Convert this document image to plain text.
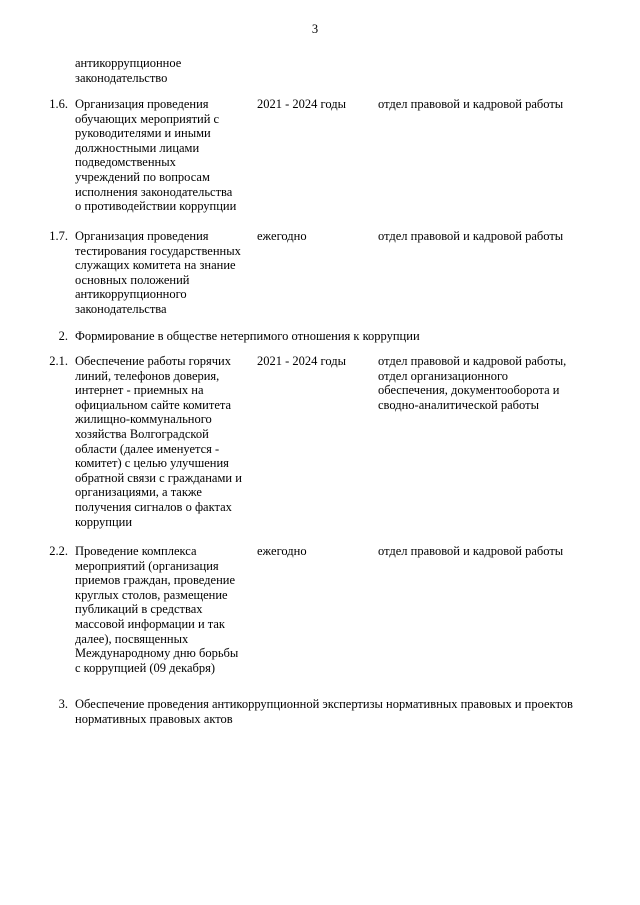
3
антикоррупционное
законодательство
1.6. Организация проведения
обучающих мероприятий с
руководителями и иными
должностными лицами
подведомственных
учреждений по вопросам
исполнения законодательства
о противодействии коррупции
2021 - 2024 годы	отдел правовой и кадровой работы
1.7. Организация проведения
тестирования государственных
служащих комитета на знание
основных положений
антикоррупционного
законодательства
ежегодно	отдел правовой и кадровой работы
2. Формирование в обществе нетерпимого отношения к коррупции
2.1. Обеспечение работы горячих
линий, телефонов доверия,
интернет - приемных на
официальном сайте комитета
жилищно-коммунального
хозяйства Волгоградской
области (далее именуется -
комитет) с целью улучшения
обратной связи с гражданами и
организациями, а также
получения сигналов о фактах
коррупции
2021 - 2024 годы	отдел правовой и кадровой работы,
отдел организационного
обеспечения, документооборота и
сводно-аналитической работы
2.2. Проведение комплекса
мероприятий (организация
приемов граждан, проведение
круглых столов, размещение
публикаций в средствах
массовой информации и так
далее), посвященных
Международному дню борьбы
с коррупцией (09 декабря)
ежегодно	отдел правовой и кадровой работы
3. Обеспечение проведения антикоррупционной экспертизы нормативных правовых и проектов
нормативных правовых актов
